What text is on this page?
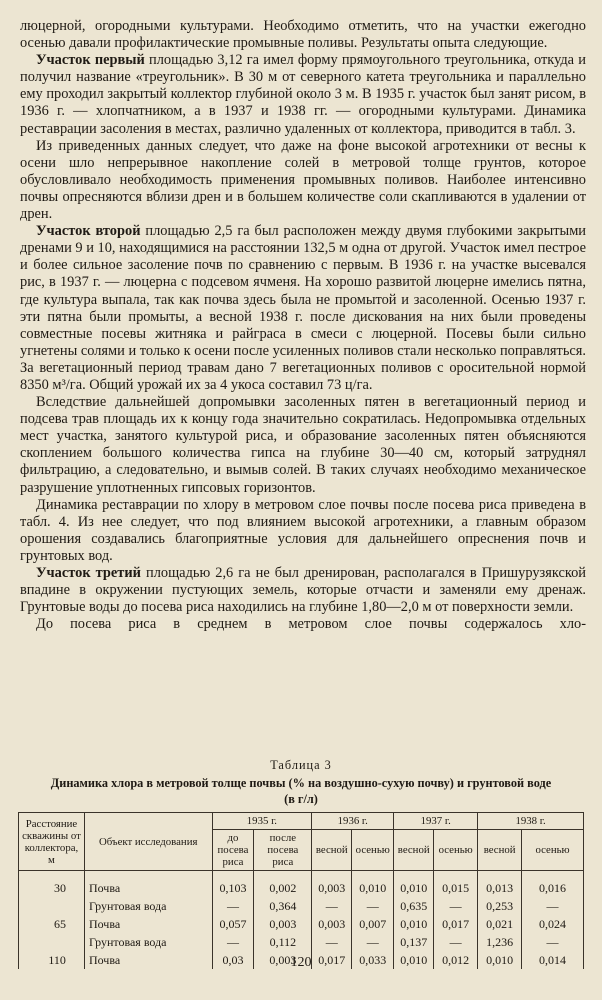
люцерной, огородными культурами. Необходимо отметить, что на участки ежегодно осенью давали профилактические промывные поливы. Результаты опыта следующие.

Участок первый площадью 3,12 га имел форму прямоугольного треугольника, откуда и получил название «треугольник». В 30 м от северного катета треугольника и параллельно ему проходил закрытый коллектор глубиной около 3 м. В 1935 г. участок был занят рисом, в 1936 г. — хлопчатником, а в 1937 и 1938 гг. — огородными культурами. Динамика реставрации засоления в местах, различно удаленных от коллектора, приводится в табл. 3.

Из приведенных данных следует, что даже на фоне высокой агротехники от весны к осени шло непрерывное накопление солей в метровой толще грунтов, которое обусловливало необходимость применения промывных поливов. Наиболее интенсивно почвы опресняются вблизи дрен и в большем количестве соли скапливаются в удалении от дрен.

Участок второй площадью 2,5 га был расположен между двумя глубокими закрытыми дренами 9 и 10, находящимися на расстоянии 132,5 м одна от другой. Участок имел пестрое и более сильное засоление почв по сравнению с первым. В 1936 г. на участке высевался рис, в 1937 г. — люцерна с подсевом ячменя. На хорошо развитой люцерне имелись пятна, где культура выпала, так как почва здесь была не промытой и засоленной. Осенью 1937 г. эти пятна были промыты, а весной 1938 г. после дискования на них были проведены совместные посевы житняка и райграса в смеси с люцерной. Посевы были сильно угнетены солями и только к осени после усиленных поливов стали несколько поправляться. За вегетационный период травам дано 7 вегетационных поливов с оросительной нормой 8350 м³/га. Общий урожай их за 4 укоса составил 73 ц/га.

Вследствие дальнейшей допромывки засоленных пятен в вегетационный период и подсева трав площадь их к концу года значительно сократилась. Недопромывка отдельных мест участка, занятого культурой риса, и образование засоленных пятен объясняются скоплением большого количества гипса на глубине 30—40 см, который затруднял фильтрацию, а следовательно, и вымыв солей. В таких случаях необходимо механическое разрушение уплотненных гипсовых горизонтов.

Динамика реставрации по хлору в метровом слое почвы после посева риса приведена в табл. 4. Из нее следует, что под влиянием высокой агротехники, а главным образом орошения создавались благоприятные условия для дальнейшего опреснения почв и грунтовых вод.

Участок третий площадью 2,6 га не был дренирован, располагался в Пришурузякской впадине в окружении пустующих земель, которые отчасти и заменяли ему дренаж. Грунтовые воды до посева риса находились на глубине 1,80—2,0 м от поверхности земли.

До посева риса в среднем в метровом слое почвы содержалось хло-

Таблица 3
Динамика хлора в метровой толще почвы (% на воздушно-сухую почву) и грунтовой воде
(в г/л)
Расстояние скважины от коллектора, м	Объект исследования	1935 г.		1936 г.		1937 г.		1938 г.	
		до посева риса	после посева риса	весной	осенью	весной	осенью	весной	осенью

30	Почва	0,103	0,002	0,003	0,010	0,010	0,015	0,013	0,016
	Грунтовая вода	—	0,364	—	—	0,635	—	0,253	—
65	Почва	0,057	0,003	0,003	0,007	0,010	0,017	0,021	0,024
	Грунтовая вода	—	0,112	—	—	0,137	—	1,236	—
110	Почва	0,03	0,003	0,017	0,033	0,010	0,012	0,010	0,014
120
